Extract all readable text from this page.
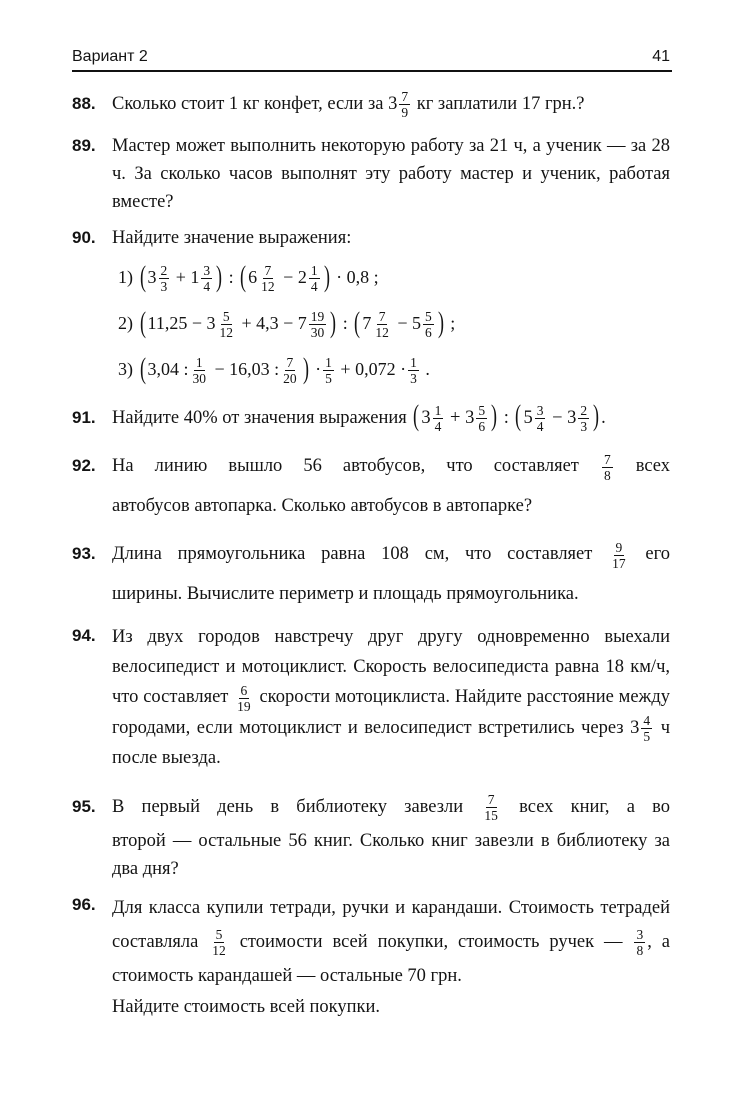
Вариант 2	41
88. Сколько стоит 1 кг конфет, если за $3 \frac{7}{9}$ кг заплатили 17 грн.?
89. Мастер может выполнить некоторую работу за 21 ч, а ученик — за 28 ч. За сколько часов выполнят эту работу мастер и ученик, работая вместе?
90. Найдите значение выражения:
1) ( $3 \frac{2}{3} + 1 \frac{3}{4}$ ) : ( $6 \frac{7}{12} - 2 \frac{1}{4}$ ) · 0,8 ;
2) ( $11,25 - 3 \frac{5}{12} + 4,3 - 7 \frac{19}{30}$ ) : ( $7 \frac{7}{12} - 5 \frac{5}{6}$ ) ;
3) ( 3,04 : $\frac{1}{30} - 16,03$ : $\frac{7}{20}$ ) · $\frac{1}{5} + 0,072 \cdot \frac{1}{3}$ .
91. Найдите 40% от значения выражения ( $3 \frac{1}{4} + 3 \frac{5}{6}$ ) : ( $5 \frac{3}{4} - 3 \frac{2}{3}$ ) .
92. На линию вышло 56 автобусов, что составляет $\frac{7}{8}$ всех
автобусов автопарка. Сколько автобусов в автопарке?
93. Длина прямоугольника равна 108 см, что составляет $\frac{9}{17}$ его
ширины. Вычислите периметр и площадь прямоугольника.
94. Из двух городов навстречу друг другу одновременно выехали велосипедист и мотоциклист. Скорость велосипедиста равна 18 км/ч, что составляет $\frac{6}{19}$ скорости мотоциклиста. Найдите расстояние между городами, если мотоциклист и велосипедист встретились через $3 \frac{4}{5}$ ч после выезда.
95. В первый день в библиотеку завезли $\frac{7}{15}$ всех книг, а во
второй — остальные 56 книг. Сколько книг завезли в библиотеку за два дня?
96. Для класса купили тетради, ручки и карандаши. Стоимость тетрадей составляла $\frac{5}{12}$ стоимости всей покупки, стоимость ручек — $\frac{3}{8}$ , а стоимость карандашей — остальные 70 грн.
Найдите стоимость всей покупки.
